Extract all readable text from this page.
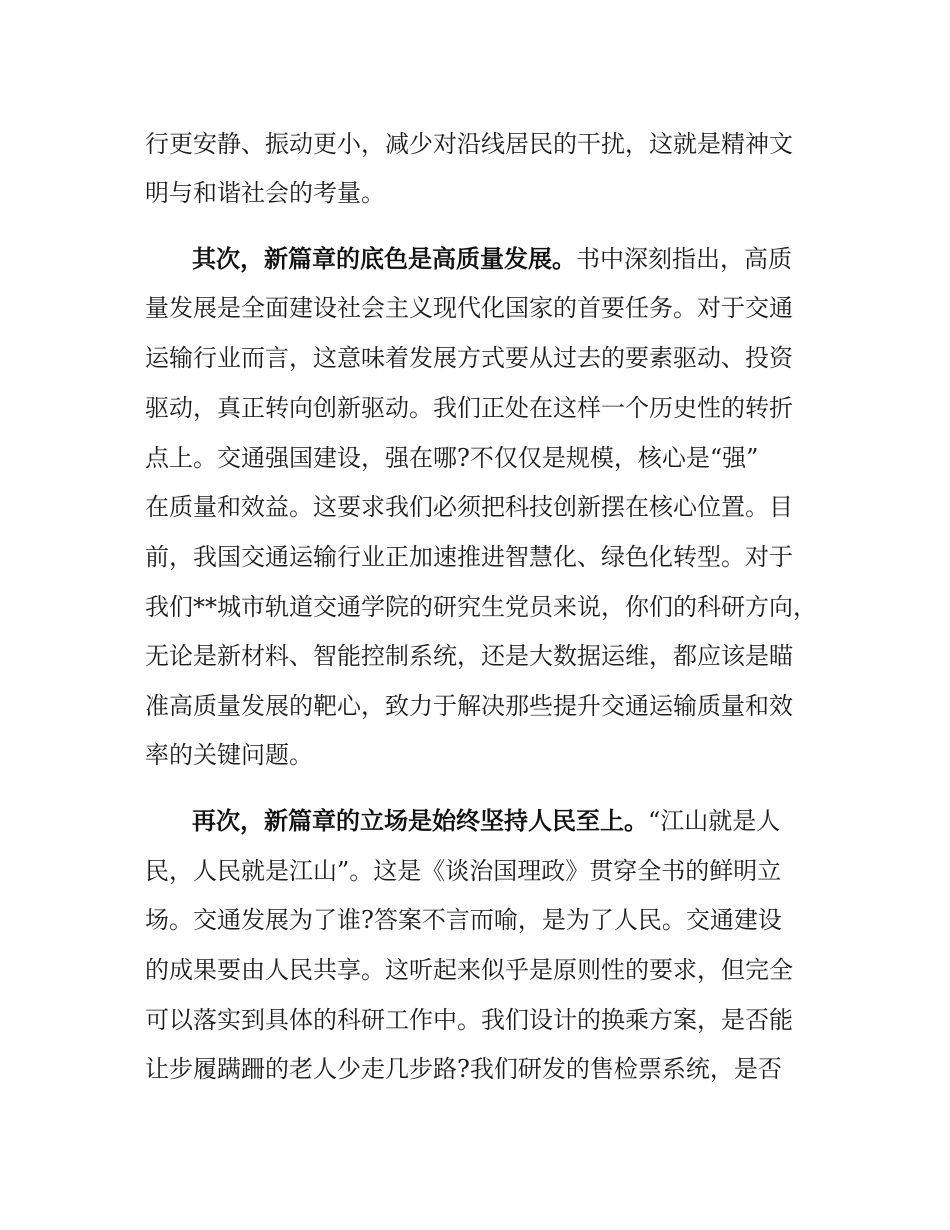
行更安静、振动更小，减少对沿线居民的干扰，这就是精神文
明与和谐社会的考量。
其次，新篇章的底色是高质量发展。书中深刻指出，高质
量发展是全面建设社会主义现代化国家的首要任务。对于交通
运输行业而言，这意味着发展方式要从过去的要素驱动、投资
驱动，真正转向创新驱动。我们正处在这样一个历史性的转折
点上。交通强国建设，强在哪?不仅仅是规模，核心是“强”
在质量和效益。这要求我们必须把科技创新摆在核心位置。目
前，我国交通运输行业正加速推进智慧化、绿色化转型。对于
我们**城市轨道交通学院的研究生党员来说，你们的科研方向，
无论是新材料、智能控制系统，还是大数据运维，都应该是瞄
准高质量发展的靶心，致力于解决那些提升交通运输质量和效
率的关键问题。
再次，新篇章的立场是始终坚持人民至上。“江山就是人
民，人民就是江山”。这是《谈治国理政》贯穿全书的鲜明立
场。交通发展为了谁?答案不言而喻，是为了人民。交通建设
的成果要由人民共享。这听起来似乎是原则性的要求，但完全
可以落实到具体的科研工作中。我们设计的换乘方案，是否能
让步履蹒跚的老人少走几步路?我们研发的售检票系统，是否
